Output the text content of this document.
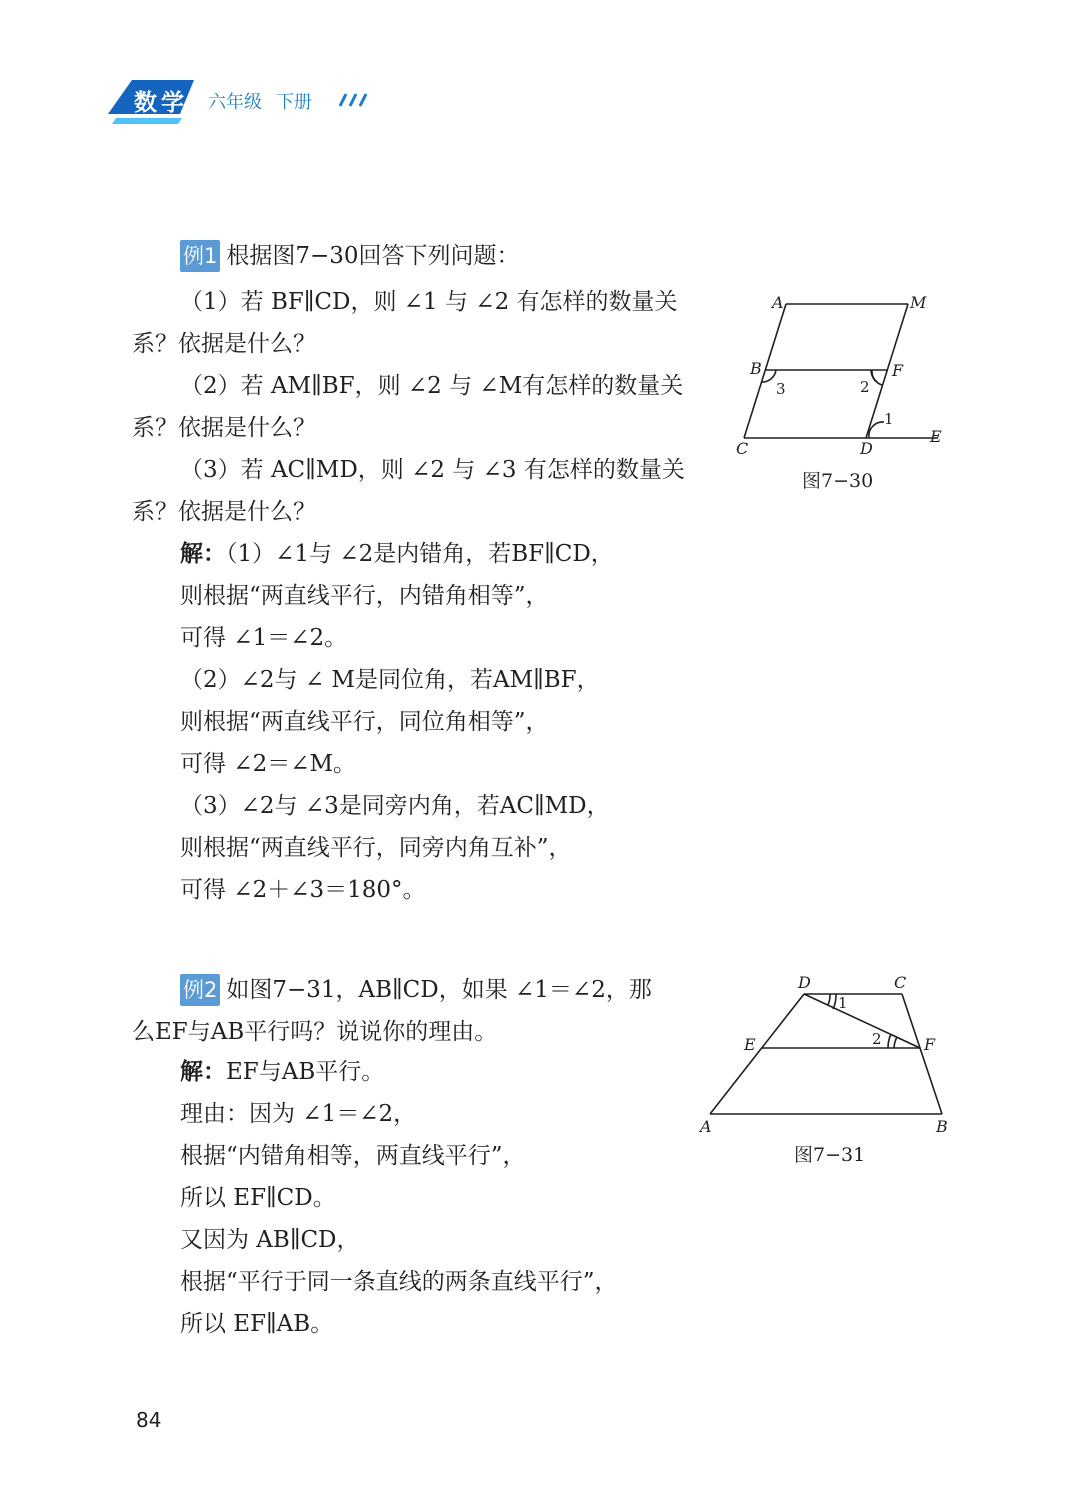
数学 六年级 下册
例1 根据图7−30回答下列问题：
（1）若 BF∥CD，则 ∠1 与 ∠2 有怎样的数量关
系？依据是什么？
（2）若 AM∥BF，则 ∠2 与 ∠M有怎样的数量关
系？依据是什么？
（3）若 AC∥MD，则 ∠2 与 ∠3 有怎样的数量关
系？依据是什么？
解：（1）∠1与 ∠2是内错角，若BF∥CD，
则根据“两直线平行，内错角相等”，
可得 ∠1＝∠2。
（2）∠2与 ∠ M是同位角，若AM∥BF，
则根据“两直线平行，同位角相等”，
可得 ∠2＝∠M。
（3）∠2与 ∠3是同旁内角，若AC∥MD，
则根据“两直线平行，同旁内角互补”，
可得 ∠2＋∠3＝180°。
A	M
B	F
C	D
E
1
2
3
图7−30
例2 如图7−31，AB∥CD，如果 ∠1＝∠2，那
么EF与AB平行吗？说说你的理由。
解：EF与AB平行。
理由：因为 ∠1＝∠2，
根据“内错角相等，两直线平行”，
所以 EF∥CD。
又因为 AB∥CD，
根据“平行于同一条直线的两条直线平行”，
所以 EF∥AB。
D	C
E	F
A	B
1
2
图7−31
84
